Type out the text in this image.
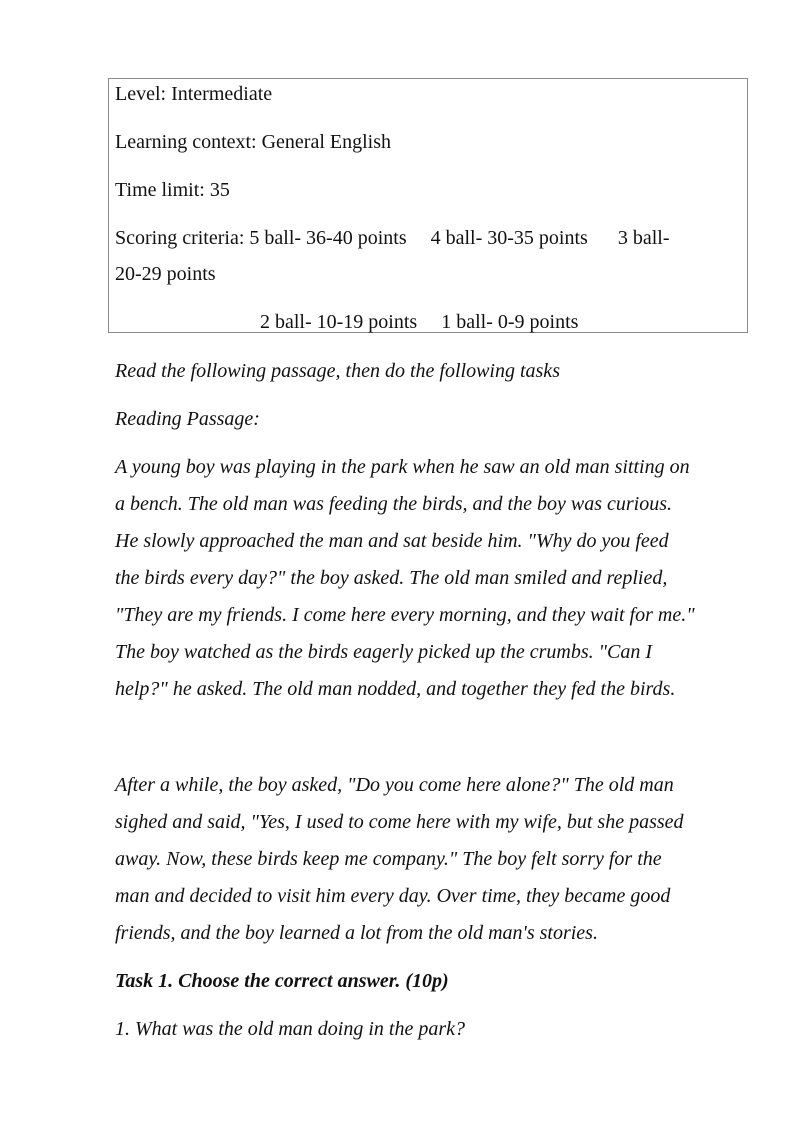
Level: Intermediate
Learning context: General English
Time limit: 35
Scoring criteria: 5 ball- 36-40 points 4 ball- 30-35 points 3 ball-
20-29 points
2 ball- 10-19 points 1 ball- 0-9 points
Read the following passage, then do the following tasks
Reading Passage:
A young boy was playing in the park when he saw an old man sitting on
a bench. The old man was feeding the birds, and the boy was curious.
He slowly approached the man and sat beside him. "Why do you feed
the birds every day?" the boy asked. The old man smiled and replied,
"They are my friends. I come here every morning, and they wait for me."
The boy watched as the birds eagerly picked up the crumbs. "Can I
help?" he asked. The old man nodded, and together they fed the birds.
After a while, the boy asked, "Do you come here alone?" The old man
sighed and said, "Yes, I used to come here with my wife, but she passed
away. Now, these birds keep me company." The boy felt sorry for the
man and decided to visit him every day. Over time, they became good
friends, and the boy learned a lot from the old man's stories.
Task 1. Choose the correct answer. (10p)
1. What was the old man doing in the park?
